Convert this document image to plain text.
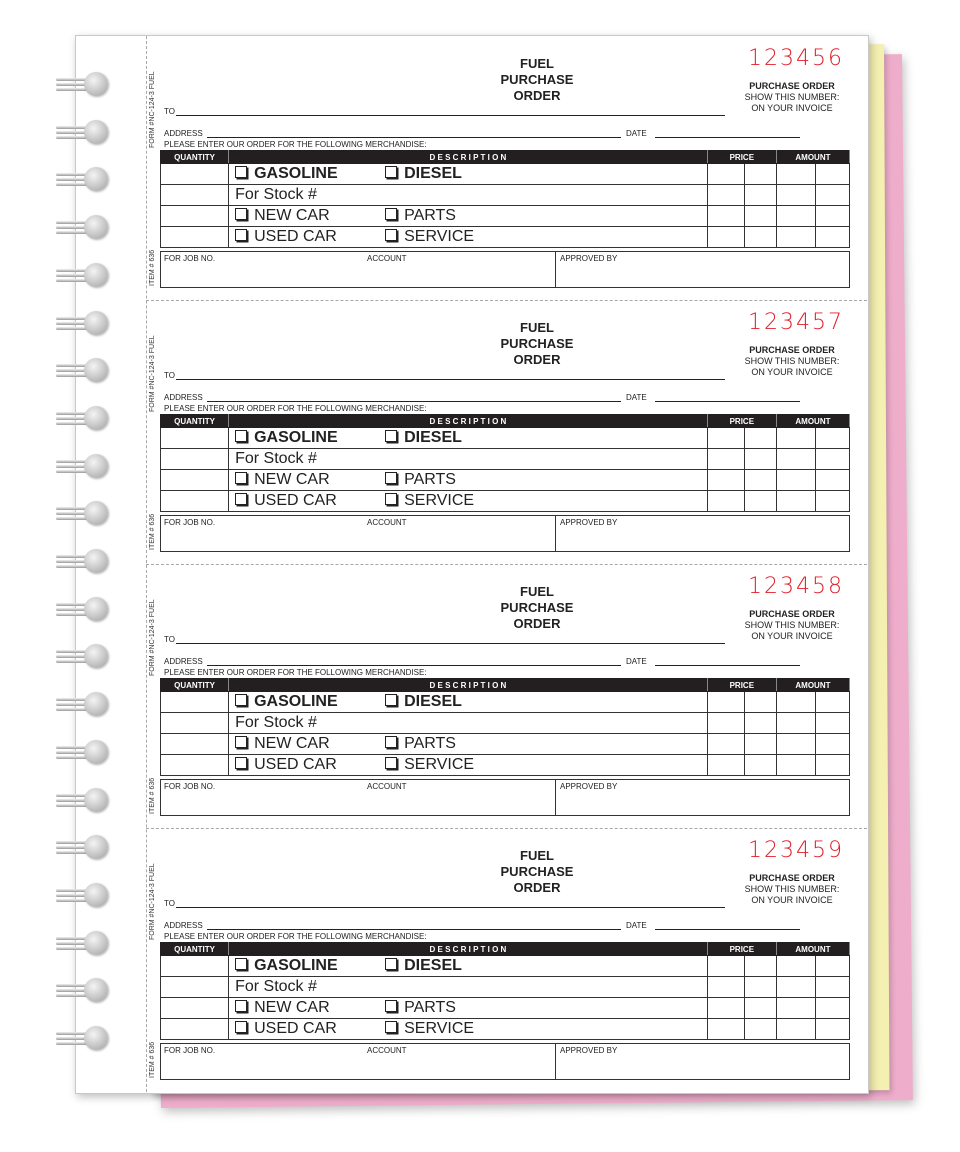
FUEL
PURCHASE
ORDER
123456
PURCHASE ORDER
SHOW THIS NUMBER:
ON YOUR INVOICE
TO
ADDRESS	DATE
PLEASE ENTER OUR ORDER FOR THE FOLLOWING MERCHANDISE:
FORM #NC-124-3 FUEL
ITEM # 636
QUANTITY	D E S C R I P T I O N	PRICE		AMOUNT	
	GASOLINE DIESEL				
	For Stock #				
	NEW CAR PARTS				
	USED CAR SERVICE				
FOR JOB NO.	ACCOUNT	APPROVED BY
FUEL
PURCHASE
ORDER
123457
PURCHASE ORDER
SHOW THIS NUMBER:
ON YOUR INVOICE
TO
ADDRESS	DATE
PLEASE ENTER OUR ORDER FOR THE FOLLOWING MERCHANDISE:
FORM #NC-124-3 FUEL
ITEM # 636
QUANTITY	D E S C R I P T I O N	PRICE		AMOUNT	
	GASOLINE DIESEL				
	For Stock #				
	NEW CAR PARTS				
	USED CAR SERVICE				
FOR JOB NO.	ACCOUNT	APPROVED BY
FUEL
PURCHASE
ORDER
123458
PURCHASE ORDER
SHOW THIS NUMBER:
ON YOUR INVOICE
TO
ADDRESS	DATE
PLEASE ENTER OUR ORDER FOR THE FOLLOWING MERCHANDISE:
FORM #NC-124-3 FUEL
ITEM # 636
QUANTITY	D E S C R I P T I O N	PRICE		AMOUNT	
	GASOLINE DIESEL				
	For Stock #				
	NEW CAR PARTS				
	USED CAR SERVICE				
FOR JOB NO.	ACCOUNT	APPROVED BY
FUEL
PURCHASE
ORDER
123459
PURCHASE ORDER
SHOW THIS NUMBER:
ON YOUR INVOICE
TO
ADDRESS	DATE
PLEASE ENTER OUR ORDER FOR THE FOLLOWING MERCHANDISE:
FORM #NC-124-3 FUEL
ITEM # 636
QUANTITY	D E S C R I P T I O N	PRICE		AMOUNT	
	GASOLINE DIESEL				
	For Stock #				
	NEW CAR PARTS				
	USED CAR SERVICE				
FOR JOB NO.	ACCOUNT	APPROVED BY
